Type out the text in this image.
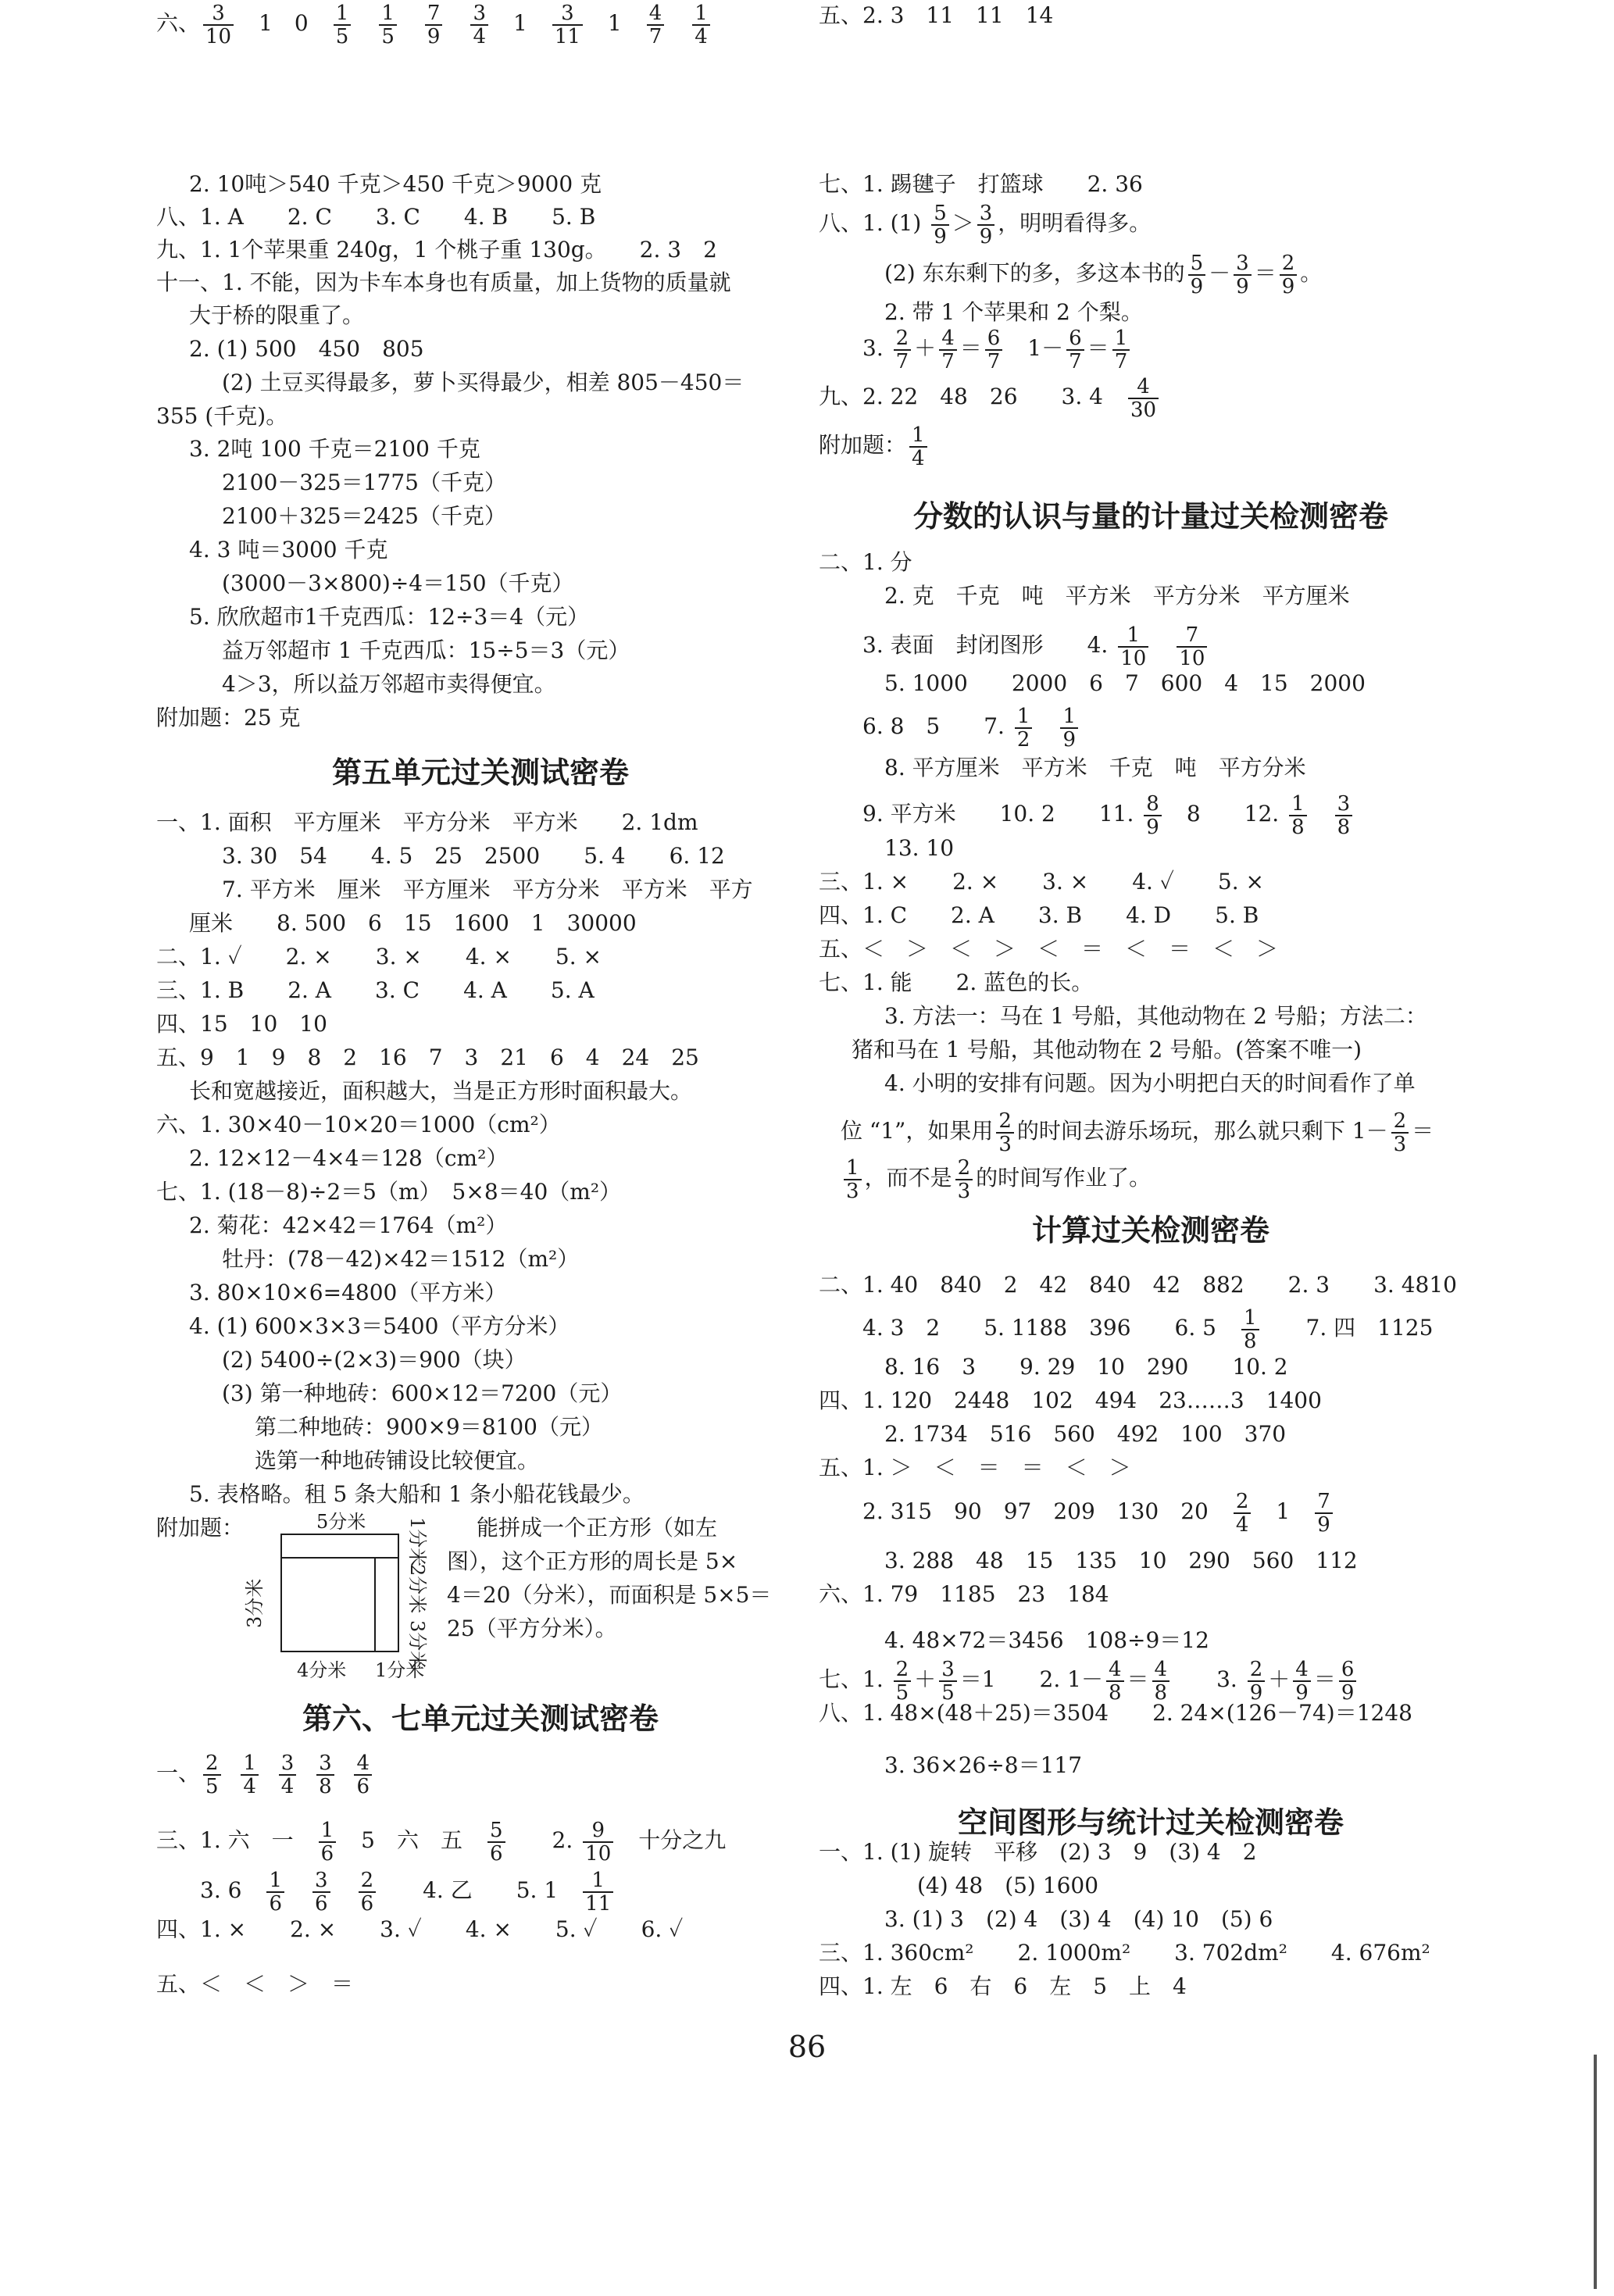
2. 10吨＞540 千克＞450 千克＞9000 克
八、1. A　　2. C　　3. C　　4. B　　5. B
九、1. 1个苹果重 240g，1 个桃子重 130g。　　2. 3　2
十一、1. 不能，因为卡车本身也有质量，加上货物的质量就
大于桥的限重了。
2. (1) 500　450　805
(2) 土豆买得最多，萝卜买得最少，相差 805－450＝
355 (千克)。
3. 2吨 100 千克＝2100 千克
2100－325＝1775（千克）
2100＋325＝2425（千克）
4. 3 吨＝3000 千克
(3000－3×800)÷4＝150（千克）
5. 欣欣超市1千克西瓜：12÷3＝4（元）
益万邻超市 1 千克西瓜：15÷5＝3（元）
4＞3，所以益万邻超市卖得便宜。
附加题：25 克
第五单元过关测试密卷
一、1. 面积　平方厘米　平方分米　平方米　　2. 1dm
3. 30　54　　4. 5　25　2500　　5. 4　　6. 12
7. 平方米　厘米　平方厘米　平方分米　平方米　平方
厘米　　8. 500　6　15　1600　1　30000
二、1. ✓　　2. ×　　3. ×　　4. ×　　5. ×
三、1. B　　2. A　　3. C　　4. A　　5. A
四、15　10　10
五、9　1　9　8　2　16　7　3　21　6　4　24　25
长和宽越接近，面积越大，当是正方形时面积最大。
六、1. 30×40－10×20＝1000（cm²）
2. 12×12－4×4＝128（cm²）
七、1. (18－8)÷2＝5（m）　5×8＝40（m²）
2. 菊花：42×42＝1764（m²）
牡丹：(78－42)×42＝1512（m²）
3. 80×10×6=4800（平方米）
4. (1) 600×3×3＝5400（平方分米）
(2) 5400÷(2×3)＝900（块）
(3) 第一种地砖：600×12＝7200（元）
第二种地砖：900×9＝8100（元）
选第一种地砖铺设比较便宜。
5. 表格略。租 5 条大船和 1 条小船花钱最少。
附加题：	能拼成一个正方形（如左
图），这个正方形的周长是 5×
4＝20（分米），而面积是 5×5＝
25（平方分米）。
第六、七单元过关测试密卷
一、 $\frac{2}{5}$
$\frac{1}{4}$
$\frac{3}{4}$
$\frac{3}{8}$
$\frac{4}{6}$
三、1. 六　一　 $\frac{1}{6}$ 　5　六　五　 $\frac{5}{6}$ 　　2. $\frac{9}{10}$ 　十分之九
　　3. 6　 $\frac{1}{6}$
　 $\frac{3}{6}$
　 $\frac{2}{6}$ 　　4. 乙　　5. 1　 $\frac{1}{11}$
四、1. ×　　2. ×　　3. ✓　　4. ×　　5. ✓　　6. ✓
五、＜　＜　＞　＝
六、 $\frac{3}{10}$ 　1　0　 $\frac{1}{5}$
　 $\frac{1}{5}$
　 $\frac{7}{9}$
　 $\frac{3}{4}$ 　1　 $\frac{3}{11}$ 　1　 $\frac{4}{7}$
　 $\frac{1}{4}$
七、1. 踢毽子　打篮球　　2. 36
八、1. $(1) \frac{5}{9} > \frac{3}{9}$ ，明明看得多。
　　　(2) 东东剩下的多，多这本书的 $\frac{5}{9} - \frac{3}{9} = \frac{2}{9}$ 。
2. 带 1 个苹果和 2 个梨。
　　3. $\frac{2}{7} + \frac{4}{7} = \frac{6}{7}$ 　$1- \frac{6}{7} = \frac{1}{7}$
九、2. 22　48　26　　3. 4　 $\frac{4}{30}$
附加题： $\frac{1}{4}$
分数的认识与量的计量过关检测密卷
二、1. 分
2. 克　千克　吨　平方米　平方分米　平方厘米
　　3. 表面　封闭图形　　4. $\frac{1}{10}$
　 $\frac{7}{10}$
5. 1000　　2000　6　7　600　4　15　2000
　　6. 8　5　　7. $\frac{1}{2}$
　 $\frac{1}{9}$
8. 平方厘米　平方米　千克　吨　平方分米
　　9. 平方米　　10. 2　　11. $\frac{8}{9}$ 　8　　12. $\frac{1}{8}$
　 $\frac{3}{8}$
13. 10
三、1. ×　　2. ×　　3. ×　　4. ✓　　5. ×
四、1. C　　2. A　　3. B　　4. D　　5. B
五、＜　＞　＜　＞　＜　＝　＜　＝　＜　＞
七、1. 能　　2. 蓝色的长。
3. 方法一：马在 1 号船，其他动物在 2 号船；方法二：
猪和马在 1 号船，其他动物在 2 号船。(答案不唯一)
4. 小明的安排有问题。因为小明把白天的时间看作了单
　位 “1”，如果用 $\frac{2}{3}$ 的时间去游乐场玩，那么就只剩下 $1- \frac{2}{3}$ ＝

$\frac{1}{3}$ ，而不是 $\frac{2}{3}$ 的时间写作业了。
计算过关检测密卷
二、1. 40　840　2　42　840　42　882　　2. 3　　3. 4810
　　4. 3　2　　5. 1188　396　　6. 5　 $\frac{1}{8}$ 　　7. 四　1125
8. 16　3　　9. 29　10　290　　10. 2
四、1. 120　2448　102　494　23……3　1400
2. 1734　516　560　492　100　370
五、1. ＞　＜　＝　＝　＜　＞
　　2. 315　90　97　209　130　20　 $\frac{2}{4}$ 　1　 $\frac{7}{9}$
3. 288　48　15　135　10　290　560　112
六、1. 79　1185　23　184
4. 48×72＝3456　108÷9＝12
七、1. $\frac{2}{5} + \frac{3}{5} =1$　　2. $1- \frac{4}{8} = \frac{4}{8}$ 　　3. $\frac{2}{9} + \frac{4}{9} = \frac{6}{9}$
八、1. 48×(48＋25)＝3504　　2. 24×(126－74)＝1248
3. 36×26÷8＝117
空间图形与统计过关检测密卷
一、1. (1) 旋转　平移　(2) 3　9　(3) 4　2
(4) 48　(5) 1600
3. (1) 3　(2) 4　(3) 4　(4) 10　(5) 6
三、1. 360cm²　　2. 1000m²　　3. 702dm²　　4. 676m²
四、1. 左　6　右　6　左　5　上　4
五、2. 3　11　11　14
5分米 1分米
2分米
3分米
3分米
4分米 1分米
86
